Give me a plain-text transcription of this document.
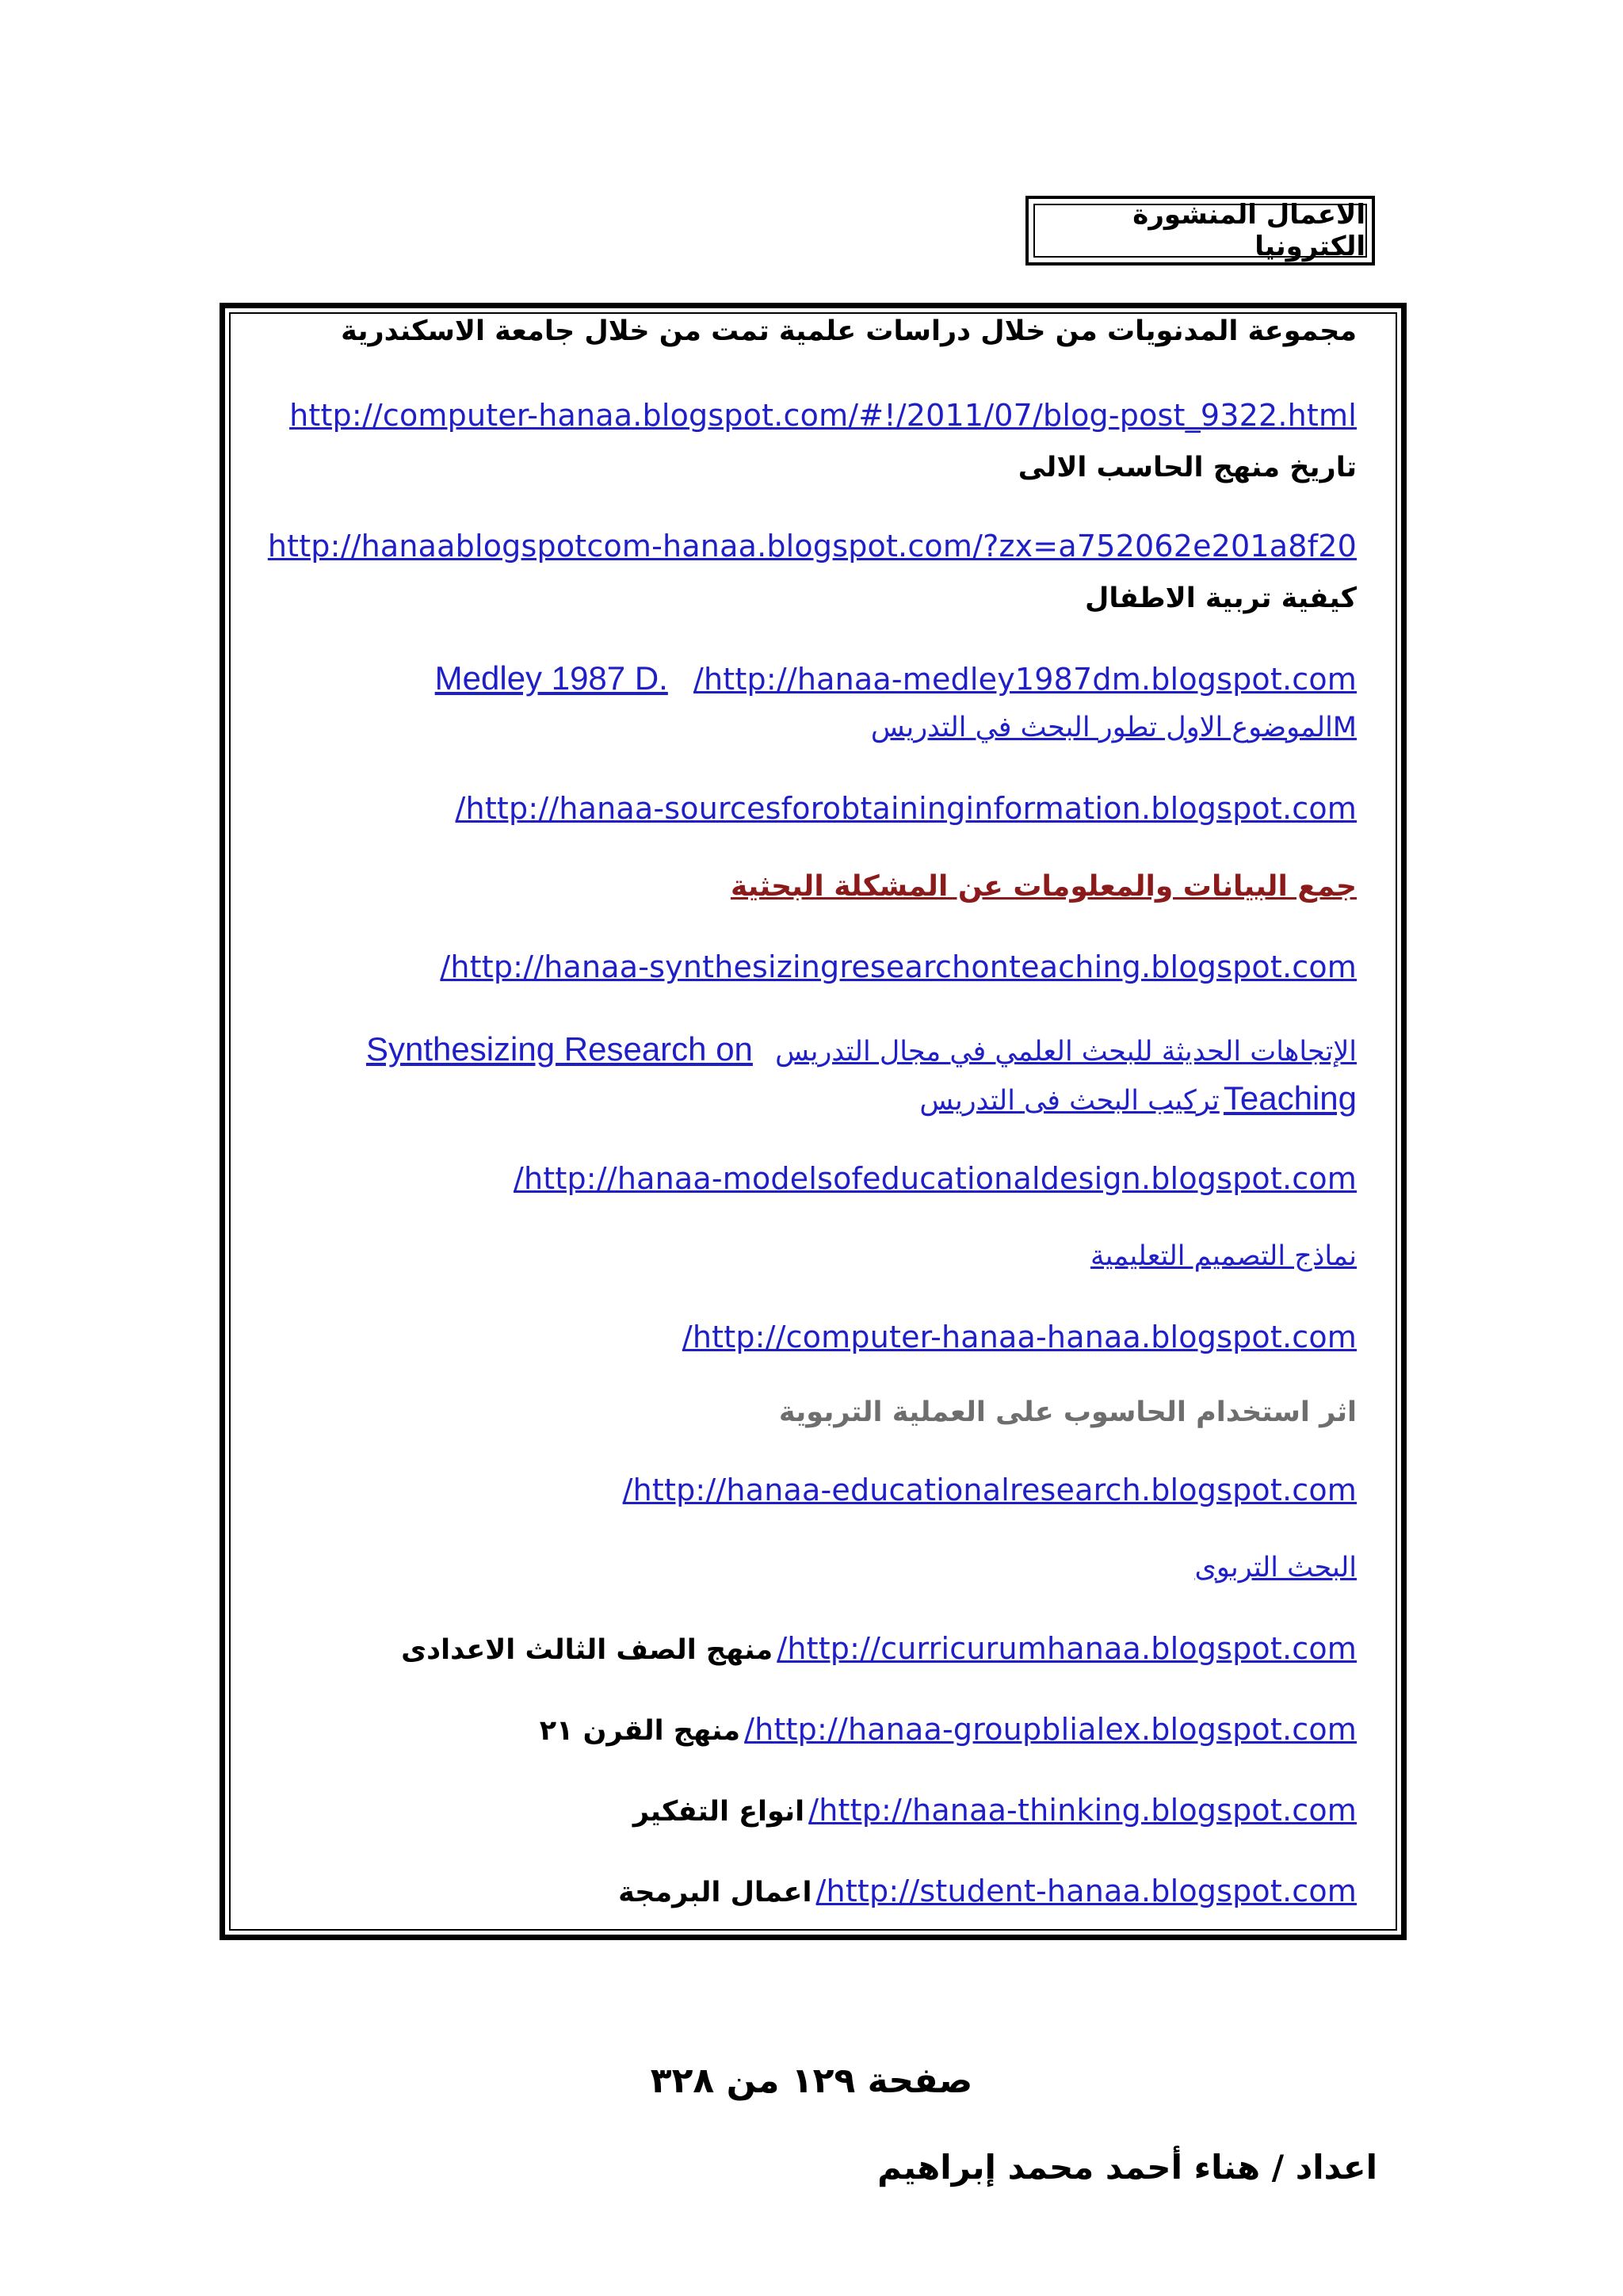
الاعمال المنشورة الكترونيا
مجموعة المدنويات من خلال دراسات علمية تمت من خلال جامعة الاسكندرية
http://computer-hanaa.blogspot.com/#!/2011/07/blog-post_9322.html
تاريخ منهج الحاسب الالى
http://hanaablogspotcom-hanaa.blogspot.com/?zx=a752062e201a8f20
كيفية تربية الاطفال
Medley 1987 D. /http://hanaa-medley1987dm.blogspot.com
Mالموضوع الاول تطور البحث في التدريس
/http://hanaa-sourcesforobtaininginformation.blogspot.com
جمع البيانات والمعلومات عن المشكلة البحثية
/http://hanaa-synthesizingresearchonteaching.blogspot.com
الإتجاهات الحديثة للبحث العلمي في مجال التدريس  Synthesizing Research on
Teaching تركيب البحث فى التدريس
/http://hanaa-modelsofeducationaldesign.blogspot.com
نماذج التصميم التعليمية
/http://computer-hanaa-hanaa.blogspot.com
اثر استخدام الحاسوب على العملية التربوية
/http://hanaa-educationalresearch.blogspot.com
البحث التربوى
/http://curricurumhanaa.blogspot.com منهج الصف الثالث الاعدادى
/http://hanaa-groupblialex.blogspot.com منهج القرن ٢١
/http://hanaa-thinking.blogspot.com انواع التفكير
/http://student-hanaa.blogspot.com اعمال البرمجة
صفحة ١٢٩ من ٣٢٨
اعداد / هناء أحمد محمد إبراهيم
